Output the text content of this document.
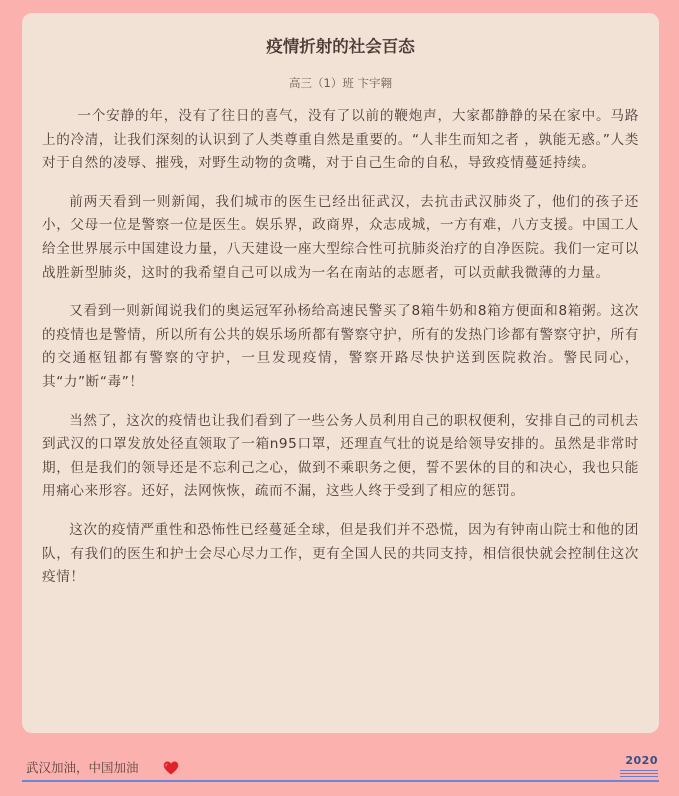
疫情折射的社会百态
高三（1）班 卞宇翱

一个安静的年，没有了往日的喜气，没有了以前的鞭炮声，大家都静静的呆在家中。马路上的冷清，让我们深刻的认识到了人类尊重自然是重要的。“人非生而知之者 ，孰能无惑。”人类对于自然的凌辱、摧残，对野生动物的贪嘴，对于自己生命的自私，导致疫情蔓延持续。

前两天看到一则新闻，我们城市的医生已经出征武汉，去抗击武汉肺炎了，他们的孩子还小，父母一位是警察一位是医生。娱乐界，政商界，众志成城，一方有难，八方支援。中国工人给全世界展示中国建设力量，八天建设一座大型综合性可抗肺炎治疗的自净医院。我们一定可以战胜新型肺炎，这时的我希望自己可以成为一名在南站的志愿者，可以贡献我微薄的力量。

又看到一则新闻说我们的奥运冠军孙杨给高速民警买了8箱牛奶和8箱方便面和8箱粥。这次的疫情也是警情，所以所有公共的娱乐场所都有警察守护，所有的发热门诊都有警察守护，所有的交通枢钮都有警察的守护，一旦发现疫情，警察开路尽快护送到医院救治。警民同心，其“力”断“毒”！

当然了，这次的疫情也让我们看到了一些公务人员利用自己的职权便利，安排自己的司机去到武汉的口罩发放处径直领取了一箱n95口罩，还理直气壮的说是给领导安排的。虽然是非常时期，但是我们的领导还是不忘利己之心，做到不乘职务之便，誓不罢休的目的和决心，我也只能用痛心来形容。还好，法网恢恢，疏而不漏，这些人终于受到了相应的惩罚。

这次的疫情严重性和恐怖性已经蔓延全球，但是我们并不恐慌，因为有钟南山院士和他的团队，有我们的医生和护士会尽心尽力工作，更有全国人民的共同支持，相信很快就会控制住这次疫情！

武汉加油，中国加油	2020
